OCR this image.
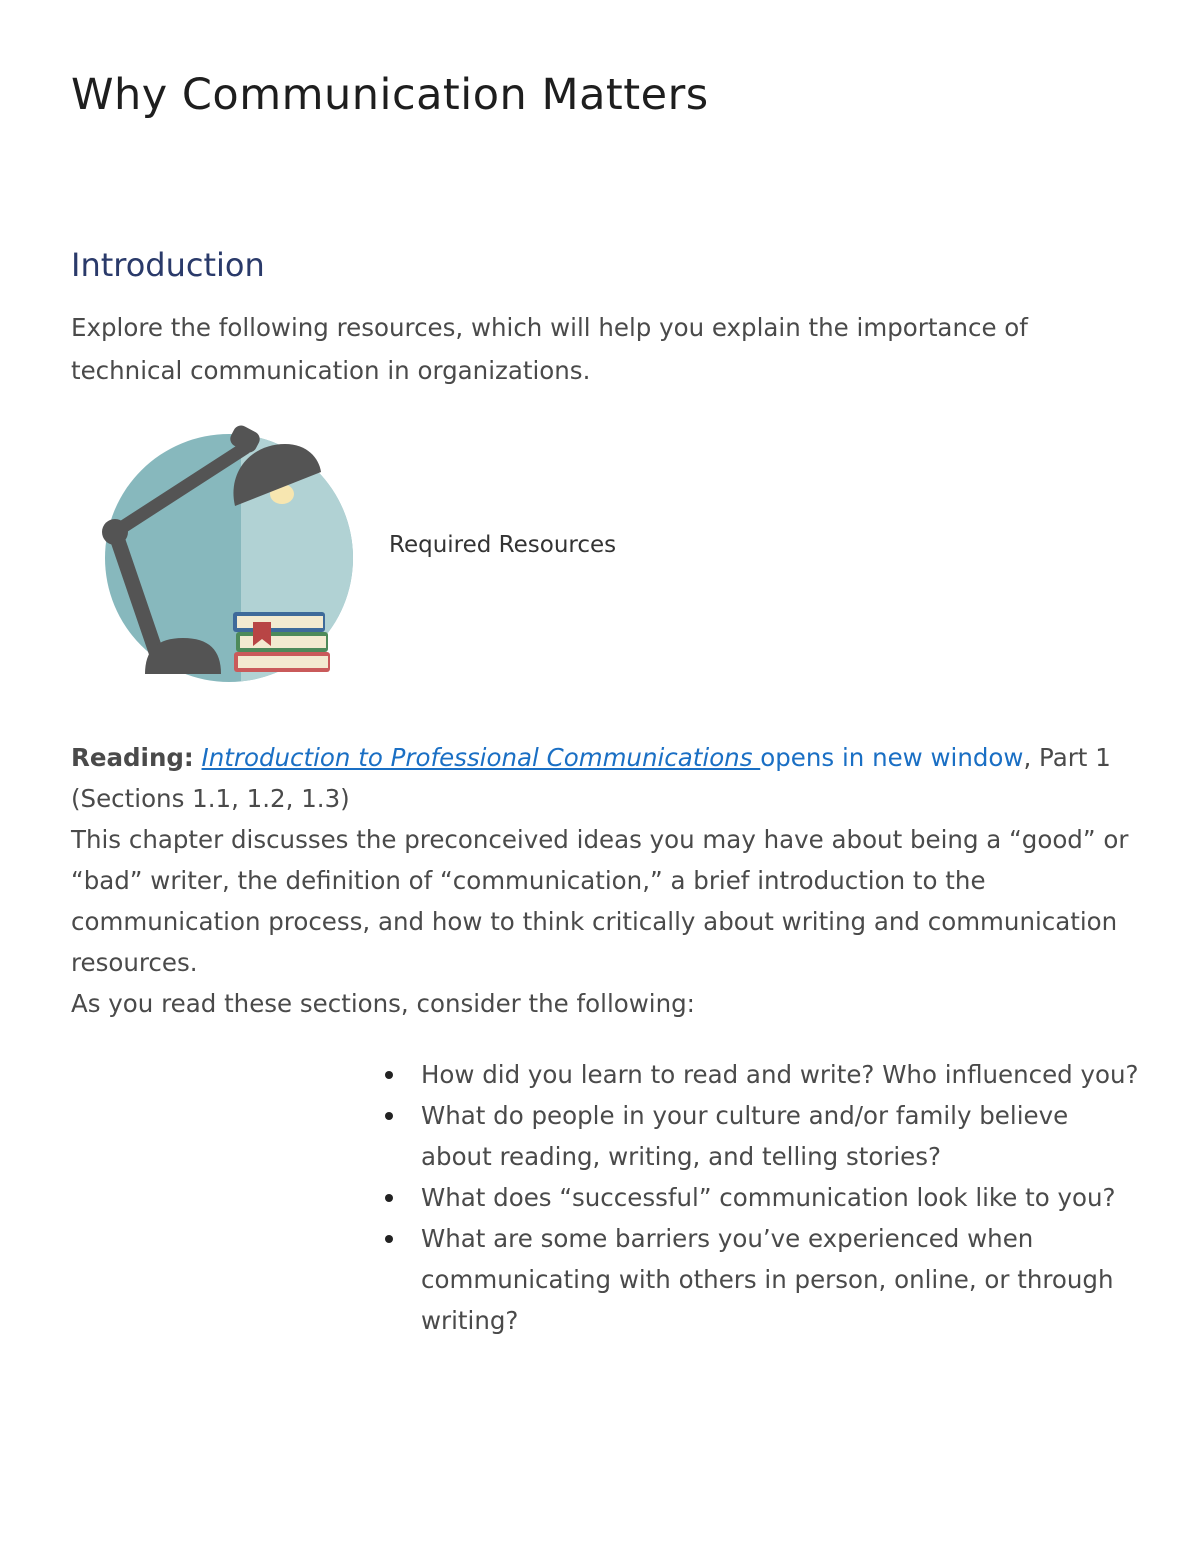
Why Communication Matters
Introduction

Explore the following resources, which will help you explain the importance of technical communication in organizations.

Required Resources

Reading: Introduction to Professional Communications opens in new window, Part 1 (Sections 1.1, 1.2, 1.3)

This chapter discusses the preconceived ideas you may have about being a “good” or “bad” writer, the definition of “communication,” a brief introduction to the communication process, and how to think critically about writing and communication resources.

As you read these sections, consider the following:

How did you learn to read and write? Who influenced you?
What do people in your culture and/or family believe about reading, writing, and telling stories?
What does “successful” communication look like to you?
What are some barriers you’ve experienced when communicating with others in person, online, or through writing?
